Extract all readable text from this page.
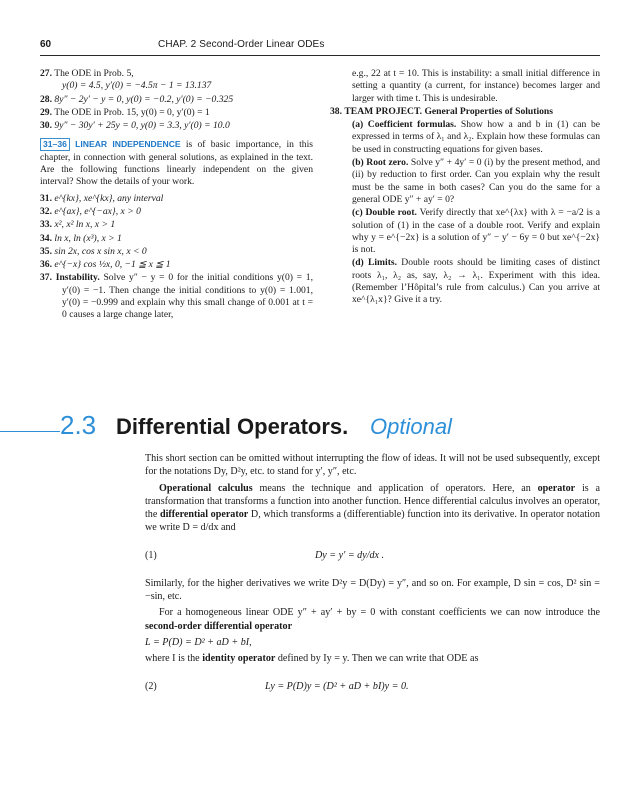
60	CHAP. 2 Second-Order Linear ODEs

27. The ODE in Prob. 5,
y(0) = 4.5, y′(0) = −4.5π − 1 = 13.137

28. 8y″ − 2y′ − y = 0, y(0) = −0.2, y′(0) = −0.325

29. The ODE in Prob. 15, y(0) = 0, y′(0) = 1

30. 9y″ − 30y′ + 25y = 0, y(0) = 3.3, y′(0) = 10.0

31–36 LINEAR INDEPENDENCE is of basic importance, in this chapter, in connection with general solutions, as explained in the text. Are the following functions linearly independent on the given interval? Show the details of your work.

31. e^{kx}, xe^{kx}, any interval

32. e^{ax}, e^{−ax}, x > 0

33. x², x² ln x, x > 1

34. ln x, ln (x³), x > 1

35. sin 2x, cos x sin x, x < 0

36. e^{−x} cos ½x, 0, −1 ≦ x ≦ 1

37. Instability. Solve y″ − y = 0 for the initial conditions y(0) = 1, y′(0) = −1. Then change the initial conditions to y(0) = 1.001, y′(0) = −0.999 and explain why this small change of 0.001 at t = 0 causes a large change later,

e.g., 22 at t = 10. This is instability: a small initial difference in setting a quantity (a current, for instance) becomes larger and larger with time t. This is undesirable.

38. TEAM PROJECT. General Properties of Solutions

(a) Coefficient formulas. Show how a and b in (1) can be expressed in terms of λ₁ and λ₂. Explain how these formulas can be used in constructing equations for given bases.

(b) Root zero. Solve y″ + 4y′ = 0 (i) by the present method, and (ii) by reduction to first order. Can you explain why the result must be the same in both cases? Can you do the same for a general ODE y″ + ay′ = 0?

(c) Double root. Verify directly that xe^{λx} with λ = −a/2 is a solution of (1) in the case of a double root. Verify and explain why y = e^{−2x} is a solution of y″ − y′ − 6y = 0 but xe^{−2x} is not.

(d) Limits. Double roots should be limiting cases of distinct roots λ₁, λ₂ as, say, λ₂ → λ₁. Experiment with this idea. (Remember l’Hôpital’s rule from calculus.) Can you arrive at xe^{λ₁x}? Give it a try.

2.3 Differential Operators. Optional

This short section can be omitted without interrupting the flow of ideas. It will not be used subsequently, except for the notations Dy, D²y, etc. to stand for y′, y″, etc.

Operational calculus means the technique and application of operators. Here, an operator is a transformation that transforms a function into another function. Hence differential calculus involves an operator, the differential operator D, which transforms a (differentiable) function into its derivative. In operator notation we write D = d/dx and

(1)	Dy = y′ = dy/dx .

Similarly, for the higher derivatives we write D²y = D(Dy) = y″, and so on. For example, D sin = cos, D² sin = −sin, etc.

For a homogeneous linear ODE y″ + ay′ + by = 0 with constant coefficients we can now introduce the second-order differential operator

L = P(D) = D² + aD + bI,

where I is the identity operator defined by Iy = y. Then we can write that ODE as

(2)	Ly = P(D)y = (D² + aD + bI)y = 0.
